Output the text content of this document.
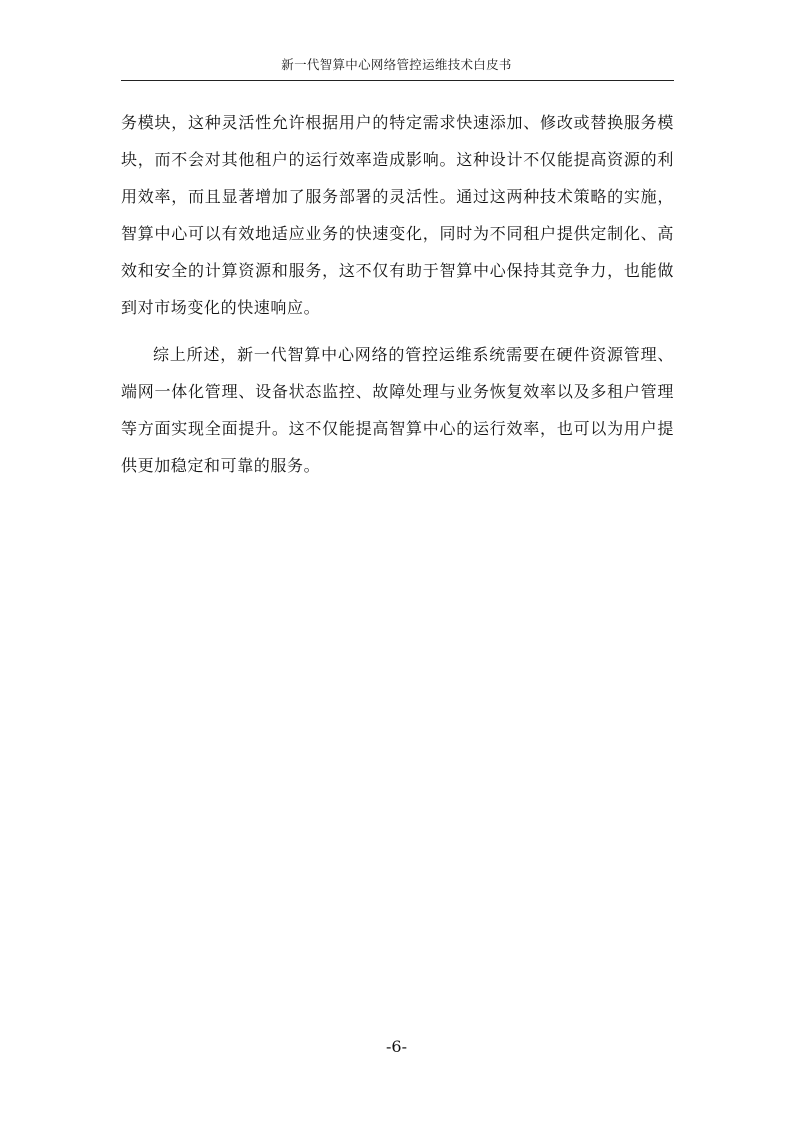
新一代智算中心网络管控运维技术白皮书

务模块，这种灵活性允许根据用户的特定需求快速添加、修改或替换服务模块，而不会对其他租户的运行效率造成影响。这种设计不仅能提高资源的利用效率，而且显著增加了服务部署的灵活性。通过这两种技术策略的实施，智算中心可以有效地适应业务的快速变化，同时为不同租户提供定制化、高效和安全的计算资源和服务，这不仅有助于智算中心保持其竞争力，也能做到对市场变化的快速响应。

综上所述，新一代智算中心网络的管控运维系统需要在硬件资源管理、端网一体化管理、设备状态监控、故障处理与业务恢复效率以及多租户管理等方面实现全面提升。这不仅能提高智算中心的运行效率，也可以为用户提供更加稳定和可靠的服务。

-6-
